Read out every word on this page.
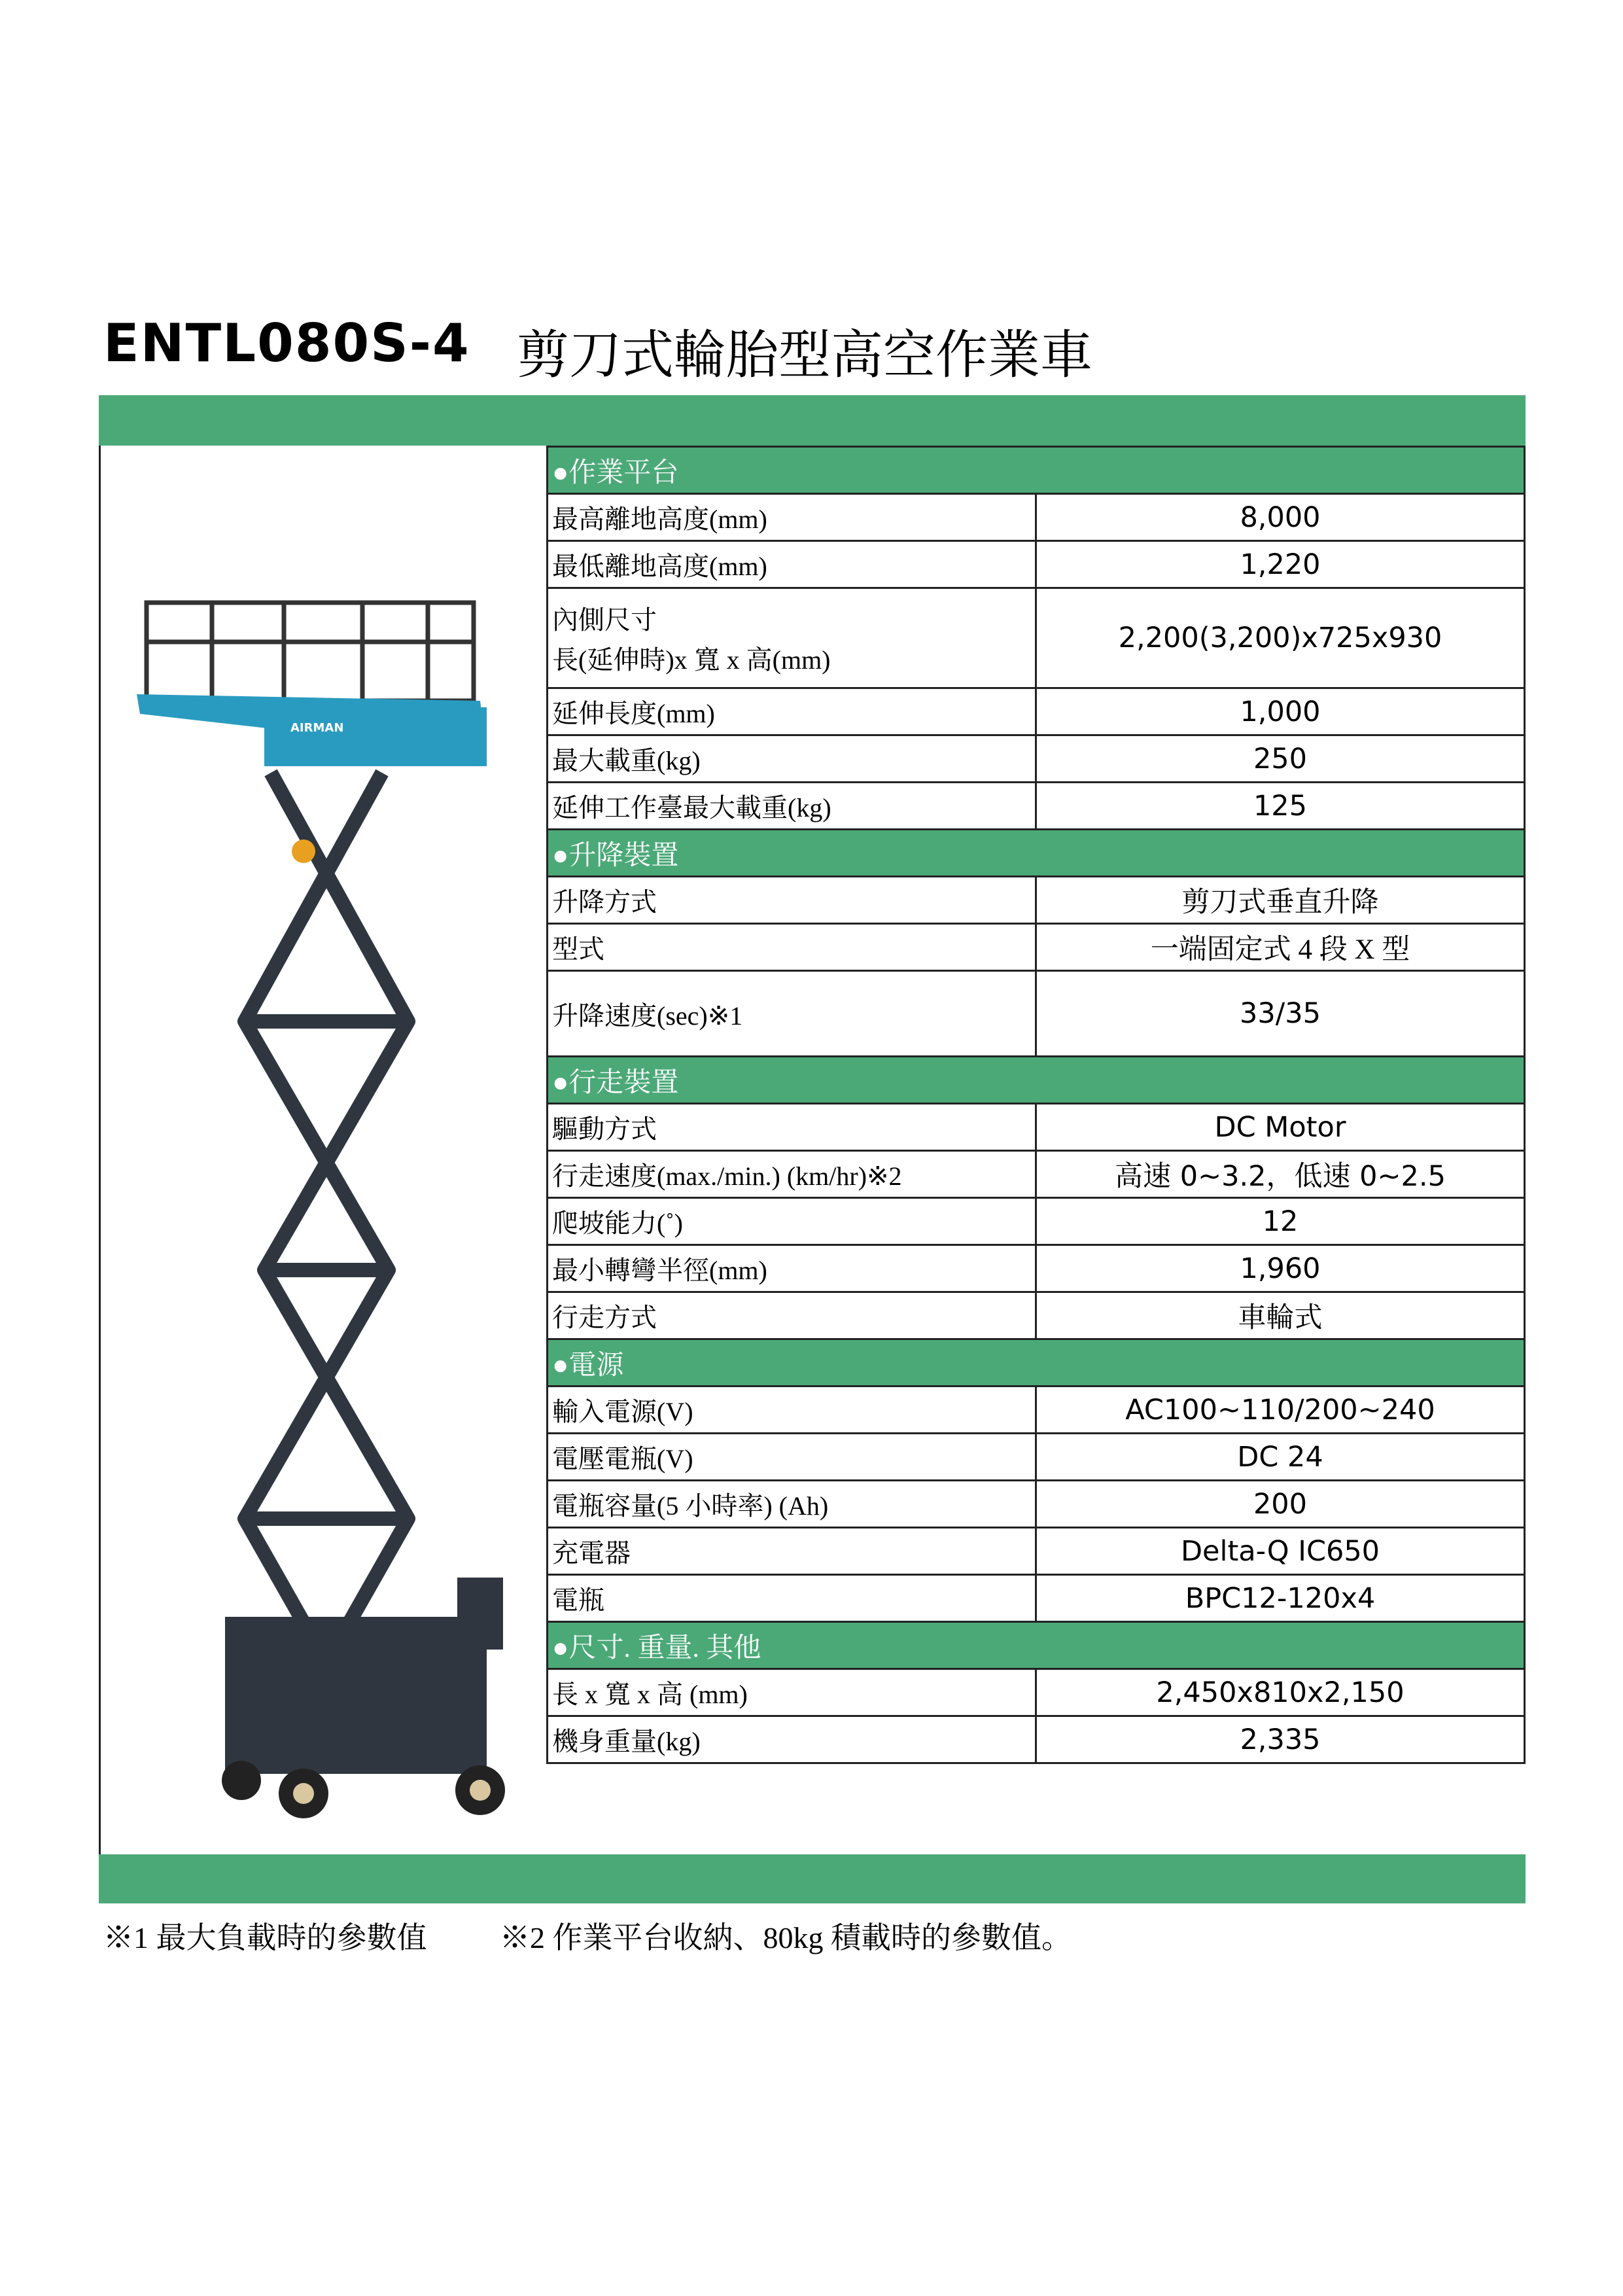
ENTL080S-4 剪刀式輪胎型高空作業車
AIRMAN
●作業平台	
最高離地高度(mm)	8,000
最低離地高度(mm)	1,220

內側尺寸
長(延伸時)x 寬 x 高(mm)	2,200(3,200)x725x930
延伸長度(mm)	1,000
最大載重(kg)	250
延伸工作臺最大載重(kg)	125
●升降裝置	
升降方式	剪刀式垂直升降
型式	一端固定式 4 段 X 型
升降速度(sec)※1	33/35
●行走裝置	
驅動方式	DC Motor
行走速度(max./min.) (km/hr)※2	高速 0~3.2，低速 0~2.5
爬坡能力(˚)	12
最小轉彎半徑(mm)	1,960
行走方式	車輪式
●電源	
輸入電源(V)	AC100~110/200~240
電壓電瓶(V)	DC 24
電瓶容量(5 小時率) (Ah)	200
充電器	Delta-Q IC650
電瓶	BPC12-120x4
●尺寸. 重量. 其他	
長 x 寬 x 高 (mm)	2,450x810x2,150
機身重量(kg)	2,335
※1 最大負載時的參數值 ※2 作業平台收納、80kg 積載時的參數值。
